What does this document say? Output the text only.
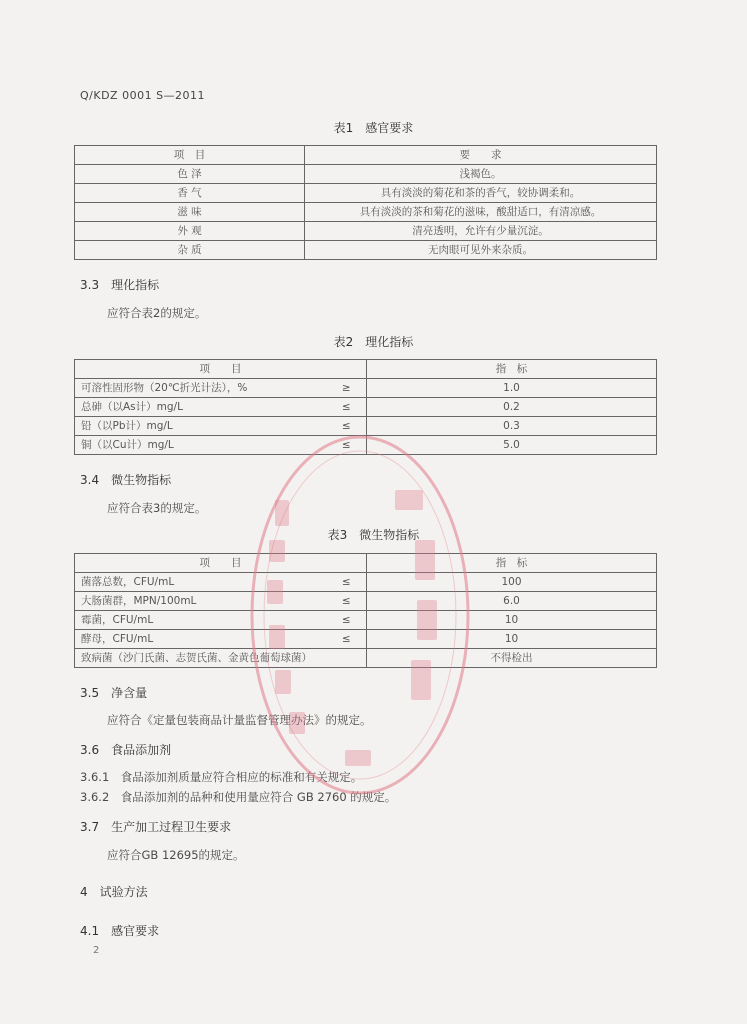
Q/KDZ 0001 S—2011
表1　感官要求
项　目	要　　求
色 泽	浅褐色。
香 气	具有淡淡的菊花和茶的香气，较协调柔和。
滋 味	具有淡淡的茶和菊花的滋味，酸甜适口，有清凉感。
外 观	清亮透明，允许有少量沉淀。
杂 质	无肉眼可见外来杂质。
3.3　理化指标
应符合表2的规定。
表2　理化指标
项　　目		指　标
可溶性固形物（20℃折光计法），%	≥	1.0
总砷（以As计）mg/L	≤	0.2
铅（以Pb计）mg/L	≤	0.3
铜（以Cu计）mg/L	≤	5.0
3.4　微生物指标
应符合表3的规定。
表3　微生物指标
项　　目		指　标
菌落总数，CFU/mL	≤	100
大肠菌群，MPN/100mL	≤	6.0
霉菌，CFU/mL	≤	10
酵母，CFU/mL	≤	10
致病菌（沙门氏菌、志贺氏菌、金黄色葡萄球菌）		不得检出
3.5　净含量
应符合《定量包装商品计量监督管理办法》的规定。
3.6　食品添加剂
3.6.1　食品添加剂质量应符合相应的标准和有关规定。
3.6.2　食品添加剂的品种和使用量应符合 GB 2760 的规定。
3.7　生产加工过程卫生要求
应符合GB 12695的规定。
4　试验方法
4.1　感官要求
2
